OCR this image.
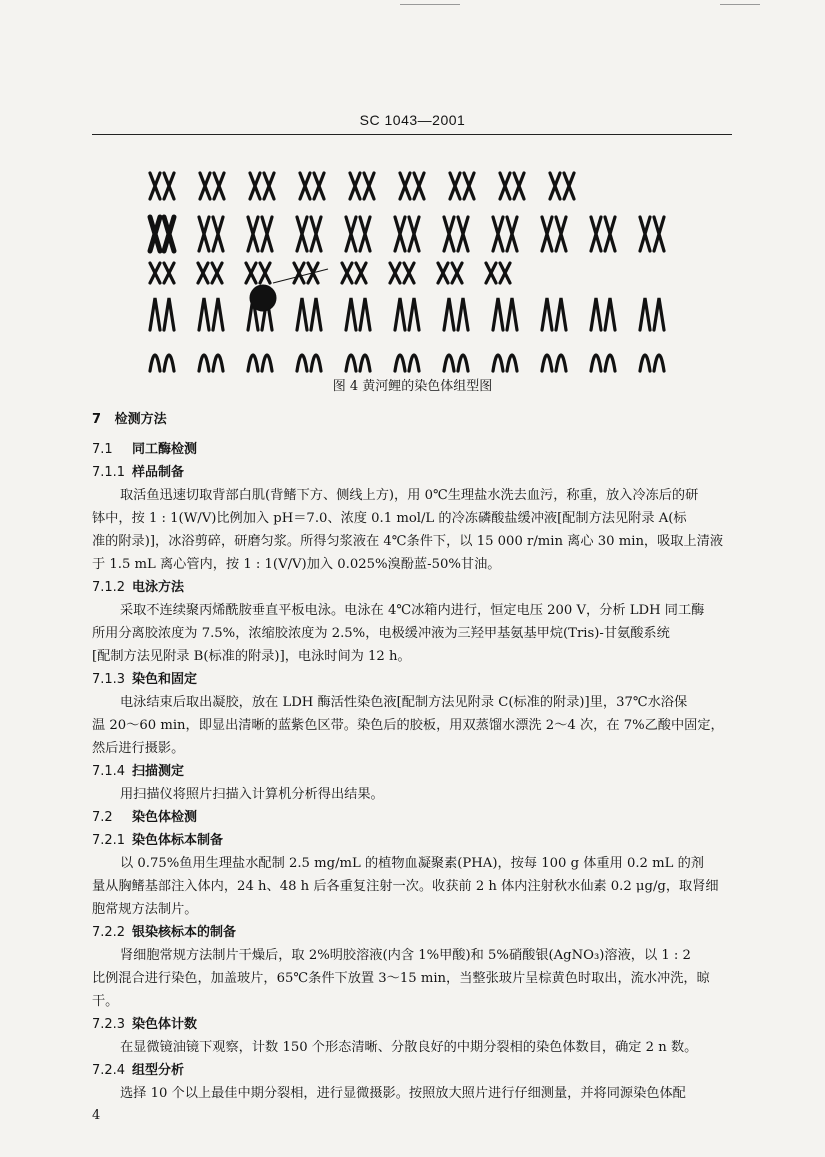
SC 1043—2001
图 4 黄河鲤的染色体组型图
7 检测方法
7.1 同工酶检测
7.1.1 样品制备
取活鱼迅速切取背部白肌(背鳍下方、侧线上方)，用 0℃生理盐水洗去血污，称重，放入冷冻后的研
钵中，按 1 : 1(W/V)比例加入 pH＝7.0、浓度 0.1 mol/L 的冷冻磷酸盐缓冲液[配制方法见附录 A(标
准的附录)]，冰浴剪碎，研磨匀浆。所得匀浆液在 4℃条件下，以 15 000 r/min 离心 30 min，吸取上清液
于 1.5 mL 离心管内，按 1 : 1(V/V)加入 0.025%溴酚蓝-50%甘油。
7.1.2 电泳方法
采取不连续聚丙烯酰胺垂直平板电泳。电泳在 4℃冰箱内进行，恒定电压 200 V，分析 LDH 同工酶
所用分离胶浓度为 7.5%，浓缩胶浓度为 2.5%，电极缓冲液为三羟甲基氨基甲烷(Tris)-甘氨酸系统
[配制方法见附录 B(标准的附录)]，电泳时间为 12 h。
7.1.3 染色和固定
电泳结束后取出凝胶，放在 LDH 酶活性染色液[配制方法见附录 C(标准的附录)]里，37℃水浴保
温 20～60 min，即显出清晰的蓝紫色区带。染色后的胶板，用双蒸馏水漂洗 2～4 次，在 7%乙酸中固定，
然后进行摄影。
7.1.4 扫描测定
用扫描仪将照片扫描入计算机分析得出结果。
7.2 染色体检测
7.2.1 染色体标本制备
以 0.75%鱼用生理盐水配制 2.5 mg/mL 的植物血凝聚素(PHA)，按每 100 g 体重用 0.2 mL 的剂
量从胸鳍基部注入体内，24 h、48 h 后各重复注射一次。收获前 2 h 体内注射秋水仙素 0.2 μg/g，取肾细
胞常规方法制片。
7.2.2 银染核标本的制备
肾细胞常规方法制片干燥后，取 2%明胶溶液(内含 1%甲酸)和 5%硝酸银(AgNO₃)溶液，以 1 : 2
比例混合进行染色，加盖玻片，65℃条件下放置 3～15 min，当整张玻片呈棕黄色时取出，流水冲洗，晾
干。
7.2.3 染色体计数
在显微镜油镜下观察，计数 150 个形态清晰、分散良好的中期分裂相的染色体数目，确定 2 n 数。
7.2.4 组型分析
选择 10 个以上最佳中期分裂相，进行显微摄影。按照放大照片进行仔细测量，并将同源染色体配
4
